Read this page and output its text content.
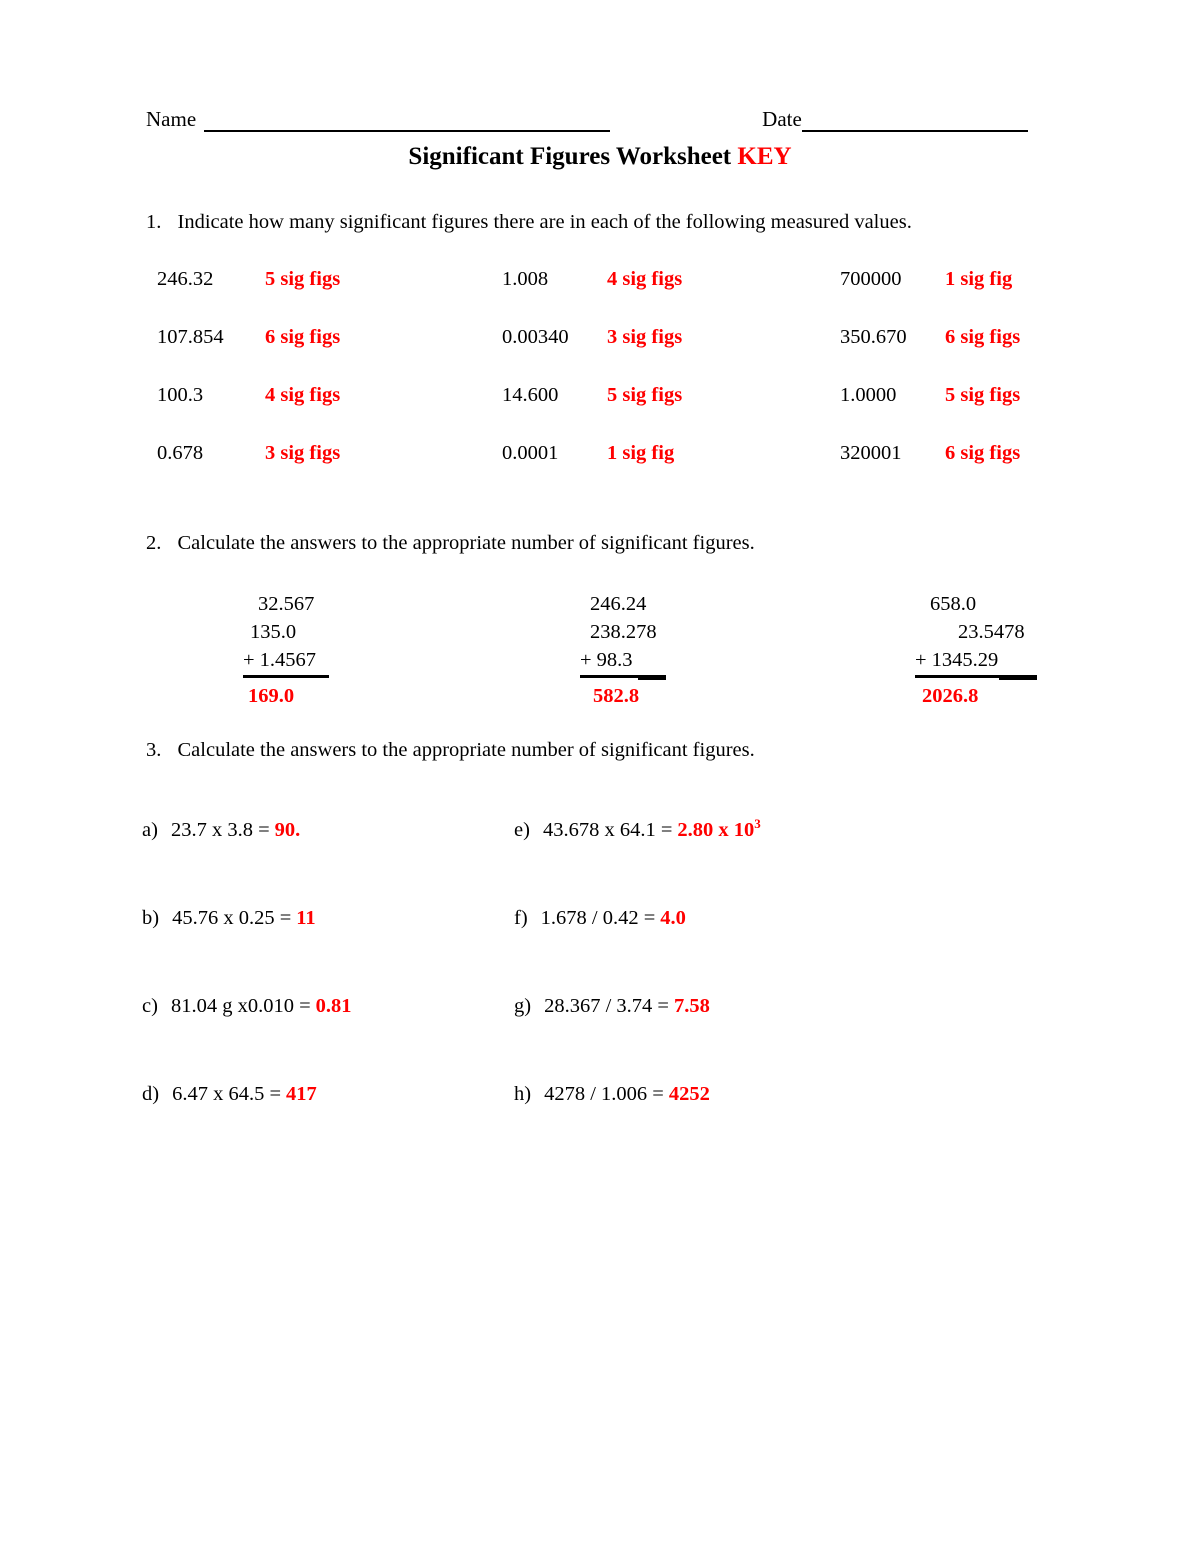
Name	Date
Significant Figures Worksheet KEY
1. Indicate how many significant figures there are in each of the following measured values.
246.32	5 sig figs	1.008	4 sig figs	700000	1 sig fig
107.854	6 sig figs	0.00340	3 sig figs	350.670	6 sig figs
100.3	4 sig figs	14.600	5 sig figs	1.0000	5 sig figs
0.678	3 sig figs	0.0001	1 sig fig	320001	6 sig figs
2. Calculate the answers to the appropriate number of significant figures.
32.567
135.0
+ 1.4567
169.0
246.24
238.278
+ 98.3
582.8
658.0
23.5478
+ 1345.29
2026.8
3. Calculate the answers to the appropriate number of significant figures.
a) 23.7 x 3.8 = 90.	e) 43.678 x 64.1 = 2.80 x $10^3$
b) 45.76 x 0.25 = 11	f) 1.678 / 0.42 = 4.0
c) 81.04 g x0.010 = 0.81	g) 28.367 / 3.74 = 7.58
d) 6.47 x 64.5 = 417	h) 4278 / 1.006 = 4252
